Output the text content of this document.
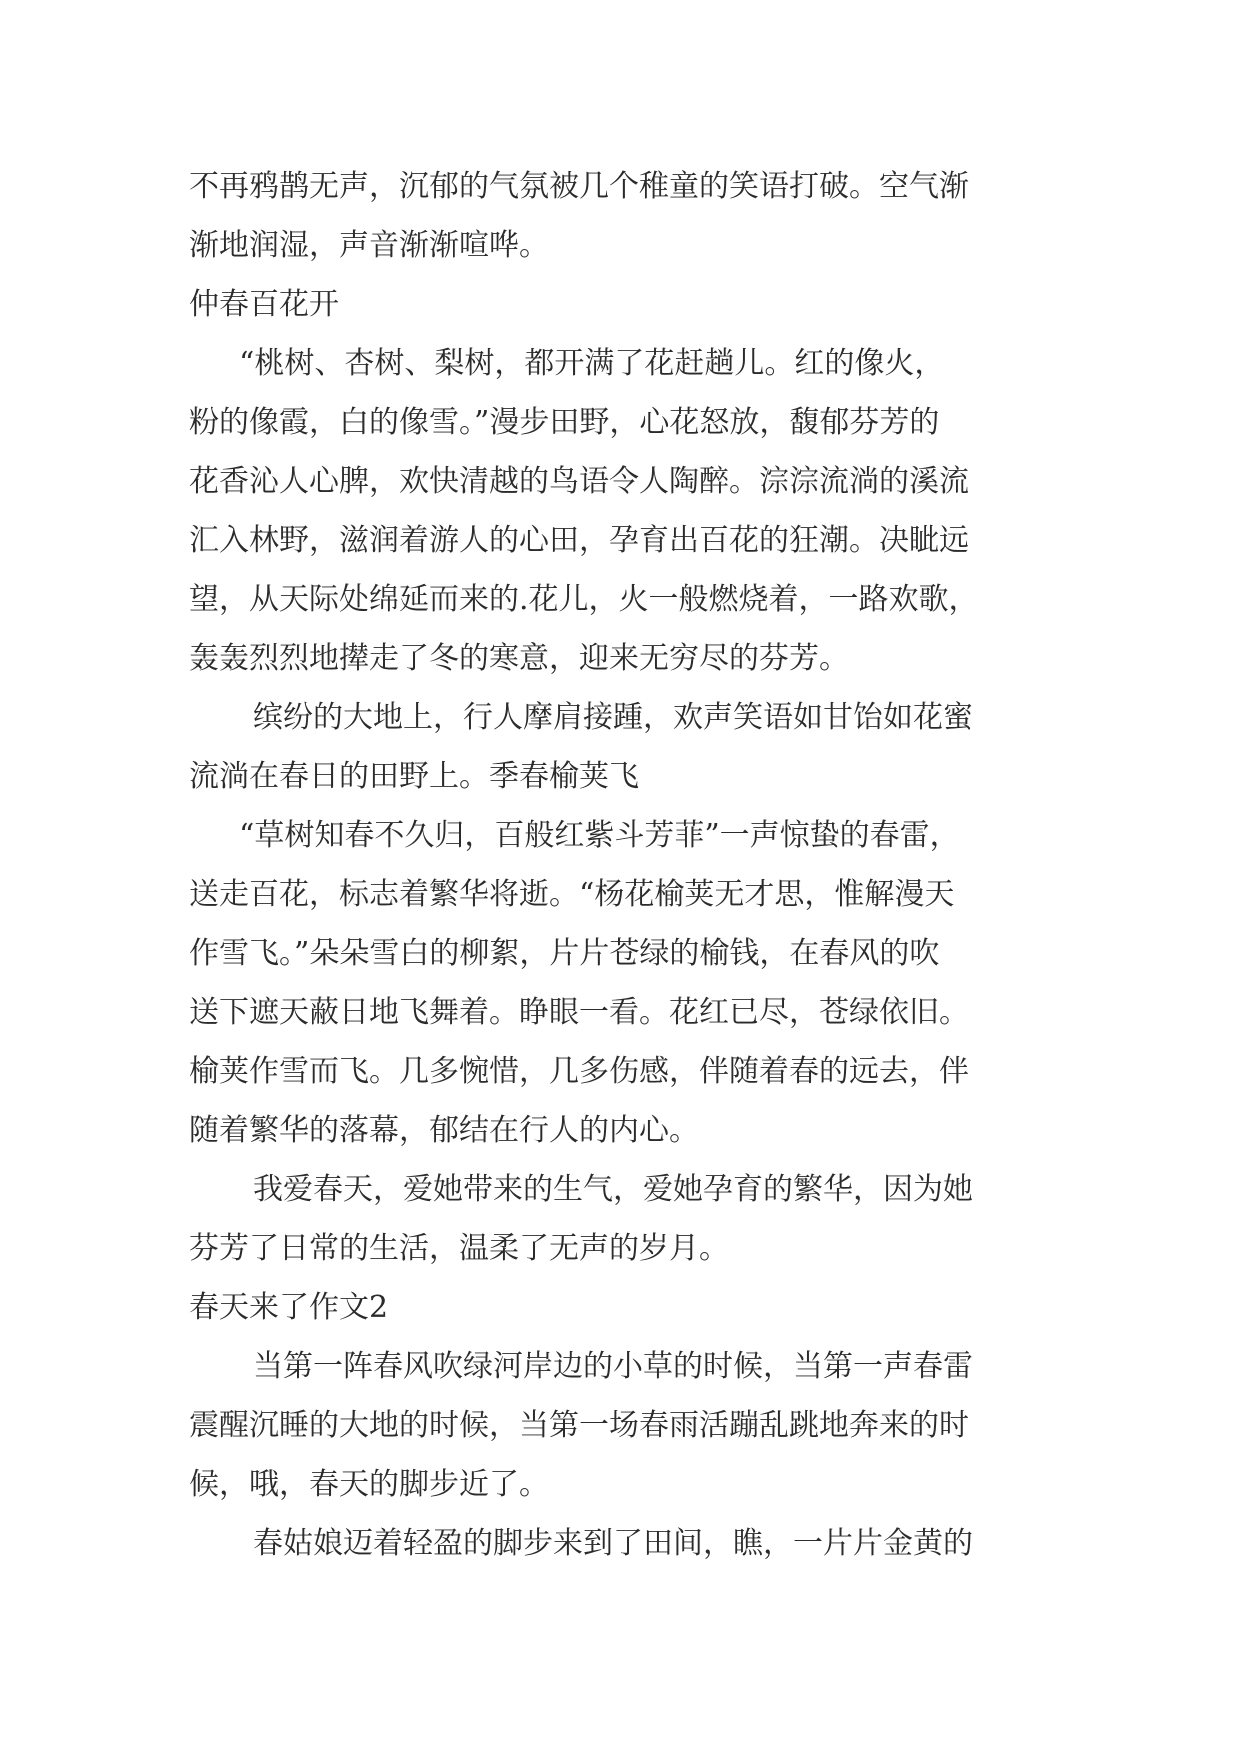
不再鸦鹊无声，沉郁的气氛被几个稚童的笑语打破。空气渐
渐地润湿，声音渐渐喧哗。
仲春百花开
“桃树、杏树、梨树，都开满了花赶趟儿。红的像火，
粉的像霞，白的像雪。”漫步田野，心花怒放，馥郁芬芳的
花香沁人心脾，欢快清越的鸟语令人陶醉。淙淙流淌的溪流
汇入林野，滋润着游人的心田，孕育出百花的狂潮。决眦远
望，从天际处绵延而来的.花儿，火一般燃烧着，一路欢歌，
轰轰烈烈地撵走了冬的寒意，迎来无穷尽的芬芳。
缤纷的大地上，行人摩肩接踵，欢声笑语如甘饴如花蜜
流淌在春日的田野上。季春榆荚飞
“草树知春不久归，百般红紫斗芳菲”一声惊蛰的春雷，
送走百花，标志着繁华将逝。“杨花榆荚无才思，惟解漫天
作雪飞。”朵朵雪白的柳絮，片片苍绿的榆钱，在春风的吹
送下遮天蔽日地飞舞着。睁眼一看。花红已尽，苍绿依旧。
榆荚作雪而飞。几多惋惜，几多伤感，伴随着春的远去，伴
随着繁华的落幕，郁结在行人的内心。
我爱春天，爱她带来的生气，爱她孕育的繁华，因为她
芬芳了日常的生活，温柔了无声的岁月。
春天来了作文2
当第一阵春风吹绿河岸边的小草的时候，当第一声春雷
震醒沉睡的大地的时候，当第一场春雨活蹦乱跳地奔来的时
候，哦，春天的脚步近了。
春姑娘迈着轻盈的脚步来到了田间，瞧，一片片金黄的
